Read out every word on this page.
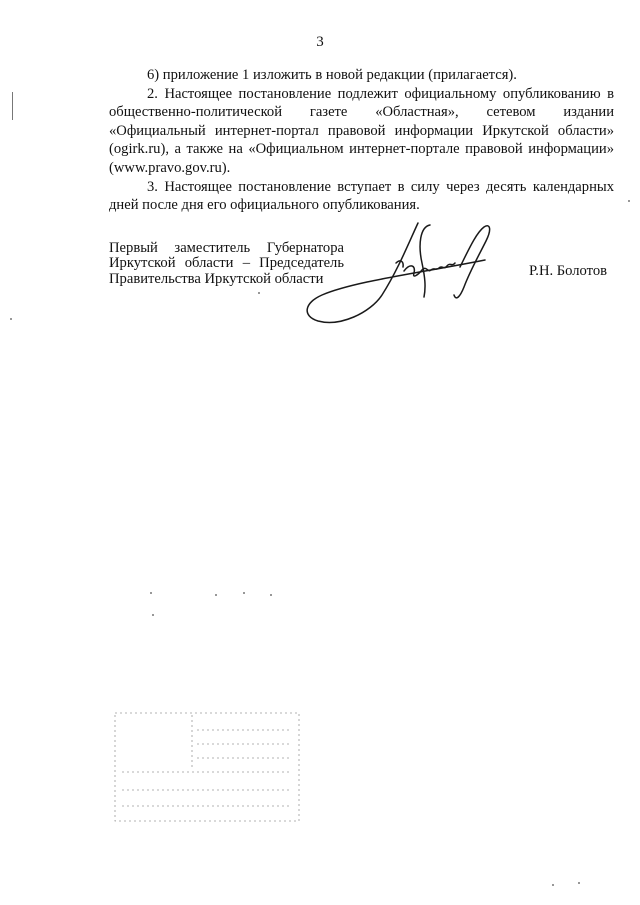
3

6) приложение 1 изложить в новой редакции (прилагается).

2. Настоящее постановление подлежит официальному опубликованию в общественно-политической газете «Областная», сетевом издании «Официальный интернет-портал правовой информации Иркутской области» (ogirk.ru), а также на «Официальном интернет-портале правовой информации» (www.pravo.gov.ru).

3. Настоящее постановление вступает в силу через десять календарных дней после дня его официального опубликования.

Первый заместитель Губернатора
Иркутской области – Председатель
Правительства Иркутской области	Р.Н. Болотов
